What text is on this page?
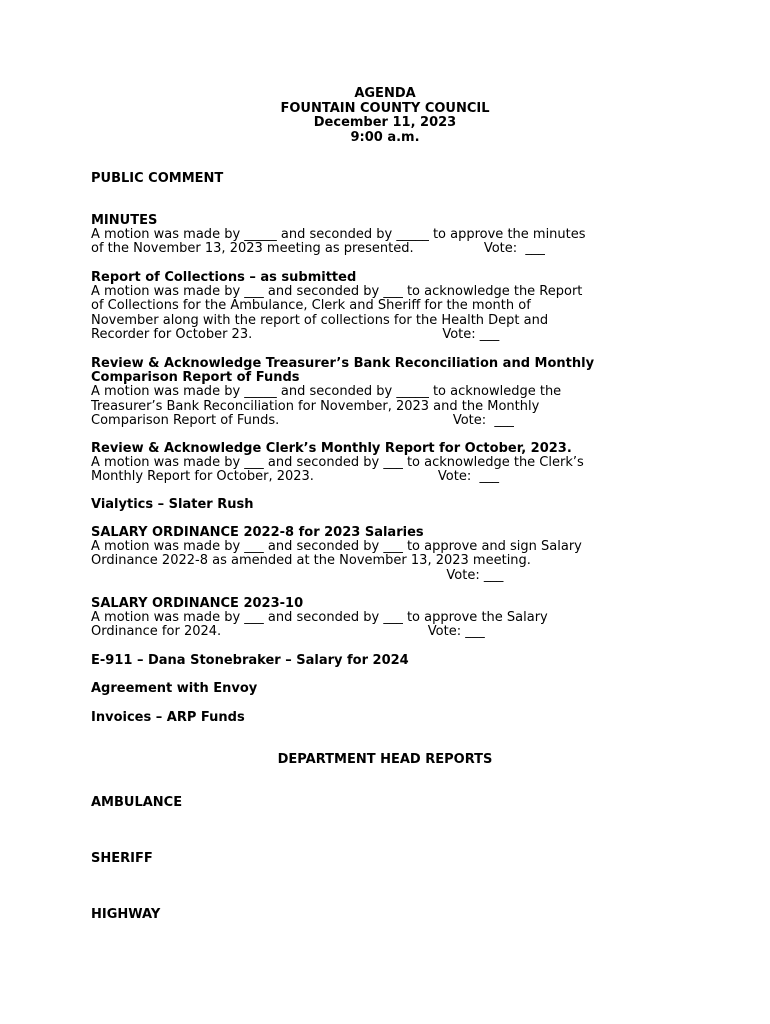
AGENDA
FOUNTAIN COUNTY COUNCIL
December 11, 2023
9:00 a.m.
PUBLIC COMMENT
MINUTES
A motion was made by _____ and seconded by _____ to approve the minutes
of the November 13, 2023 meeting as presented.                 Vote:  ___
Report of Collections – as submitted
A motion was made by ___ and seconded by ___ to acknowledge the Report
of Collections for the Ambulance, Clerk and Sheriff for the month of
November along with the report of collections for the Health Dept and
Recorder for October 23.                                              Vote: ___
Review & Acknowledge Treasurer’s Bank Reconciliation and Monthly
Comparison Report of Funds
A motion was made by _____ and seconded by _____ to acknowledge the
Treasurer’s Bank Reconciliation for November, 2023 and the Monthly
Comparison Report of Funds.                                          Vote:  ___
Review & Acknowledge Clerk’s Monthly Report for October, 2023.
A motion was made by ___ and seconded by ___ to acknowledge the Clerk’s
Monthly Report for October, 2023.                              Vote:  ___
Vialytics – Slater Rush
SALARY ORDINANCE 2022-8 for 2023 Salaries
A motion was made by ___ and seconded by ___ to approve and sign Salary
Ordinance 2022-8 as amended at the November 13, 2023 meeting.
Vote: ___
SALARY ORDINANCE 2023-10
A motion was made by ___ and seconded by ___ to approve the Salary
Ordinance for 2024.                                                  Vote: ___
E-911 – Dana Stonebraker – Salary for 2024
Agreement with Envoy
Invoices – ARP Funds
DEPARTMENT HEAD REPORTS
AMBULANCE
SHERIFF
HIGHWAY
